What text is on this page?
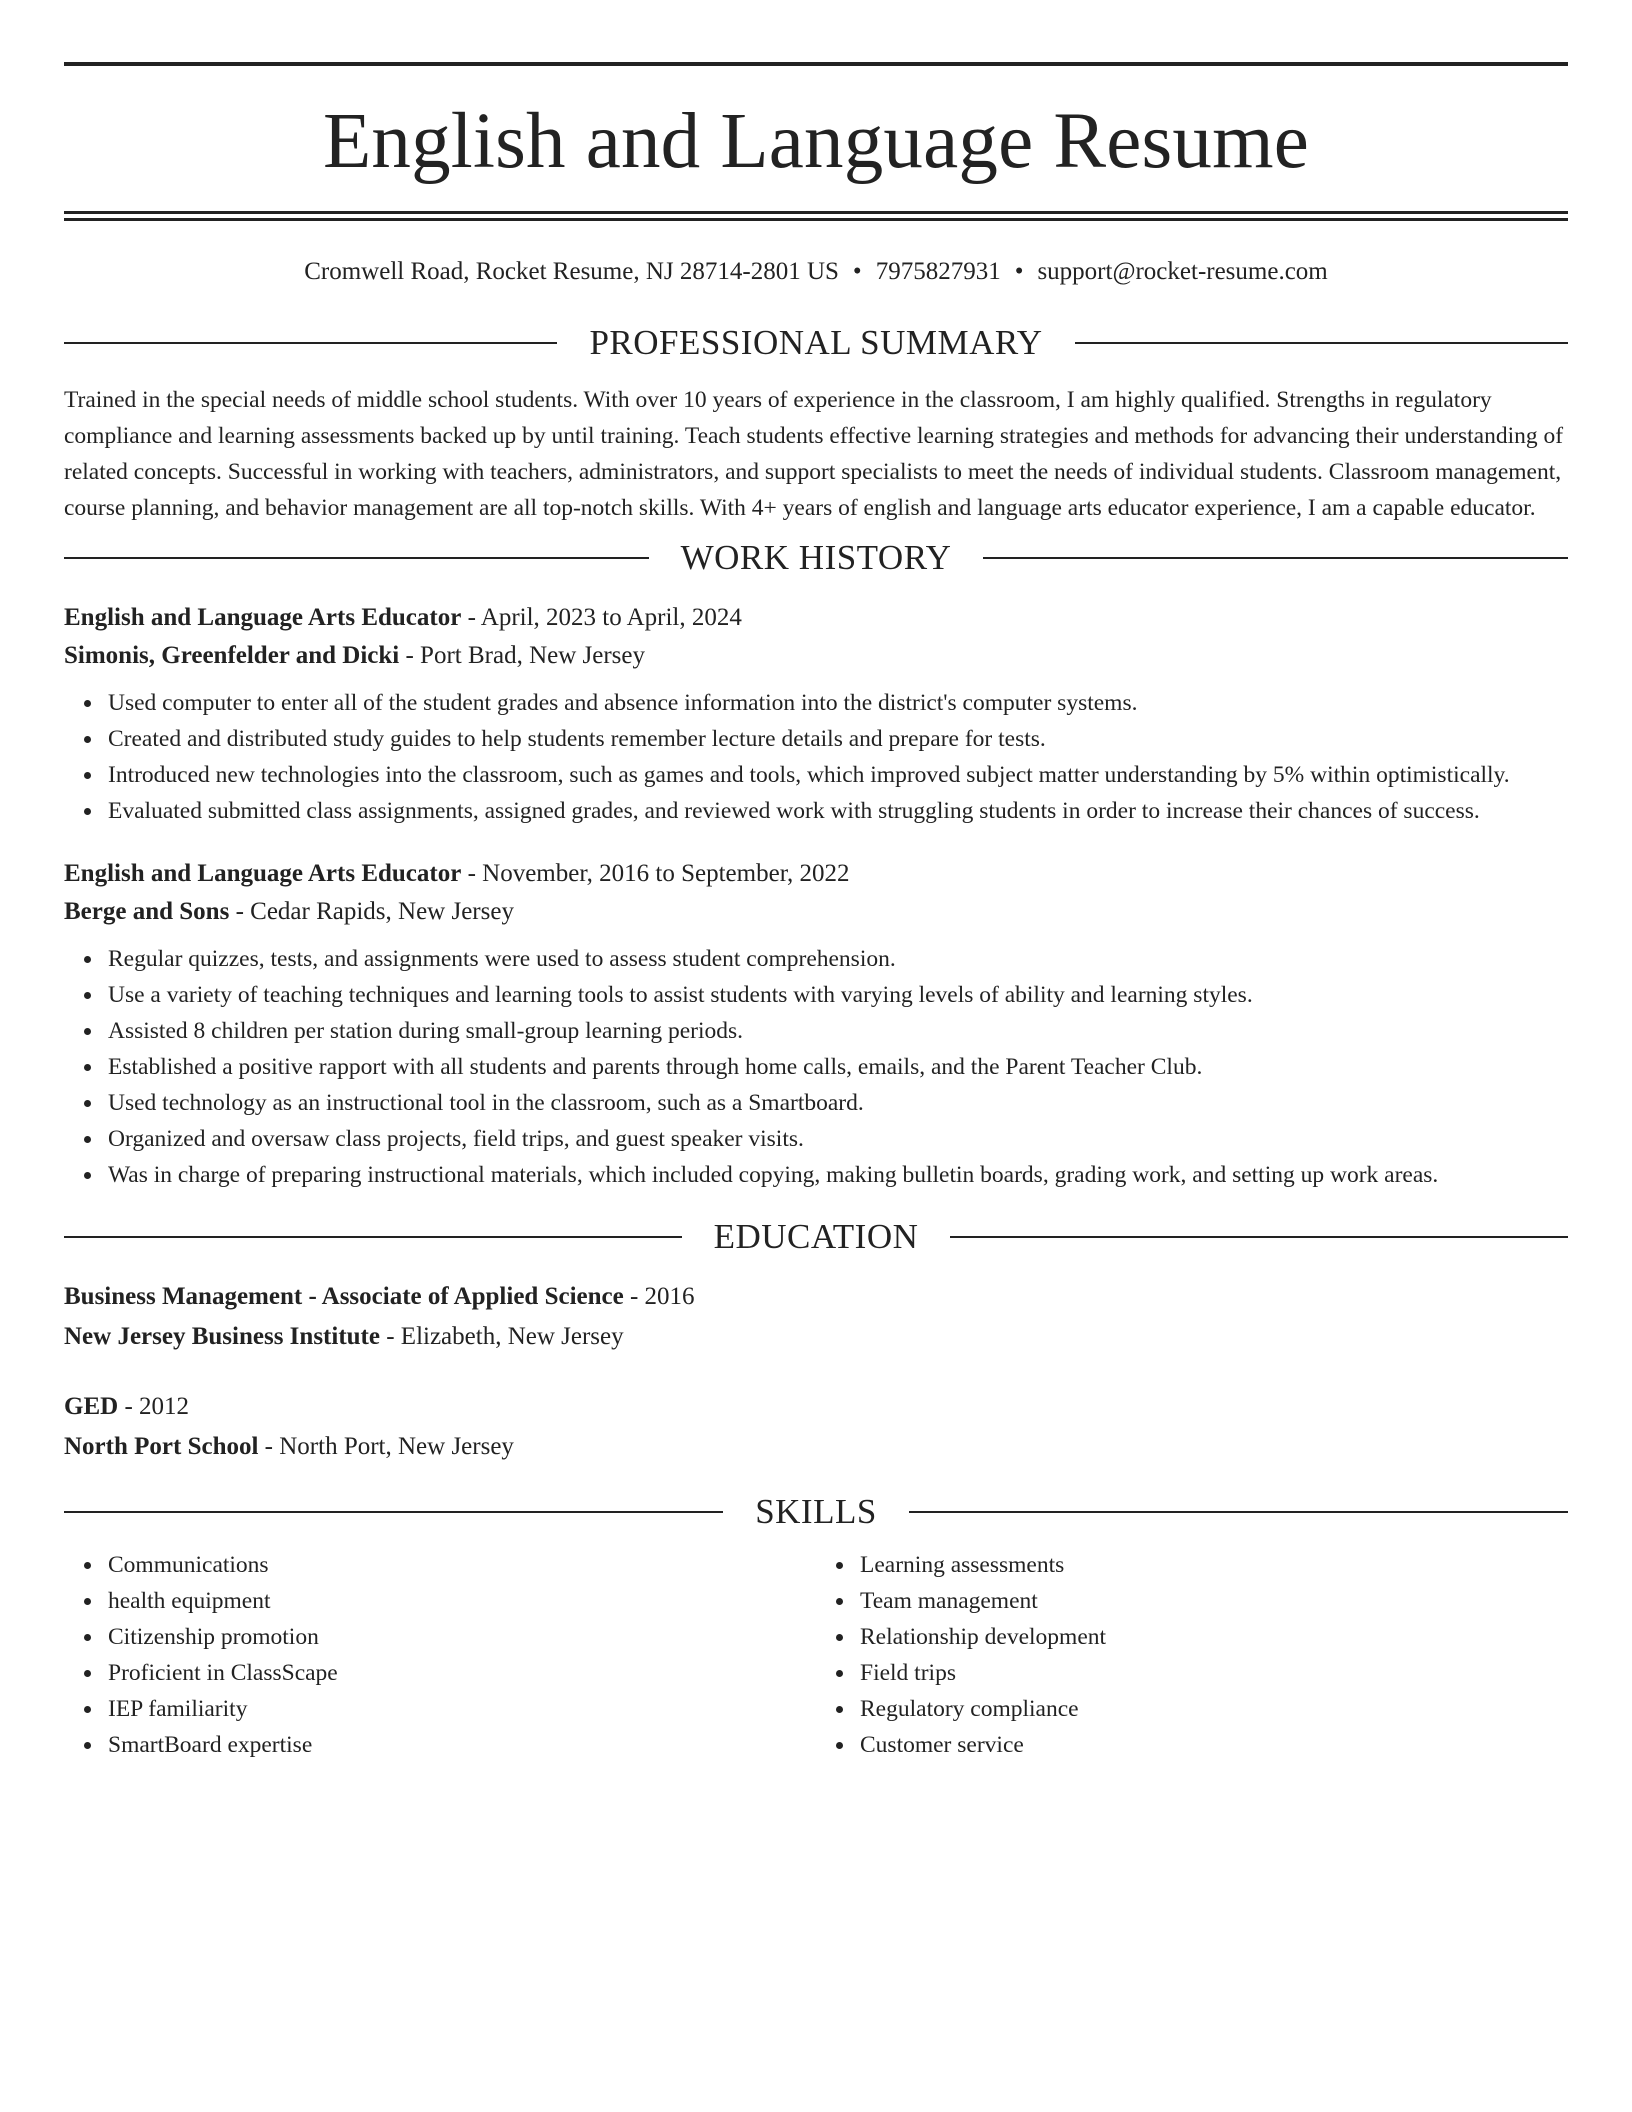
English and Language Resume
Cromwell Road, Rocket Resume, NJ 28714-2801 US • 7975827931 • support@rocket-resume.com
PROFESSIONAL SUMMARY

Trained in the special needs of middle school students. With over 10 years of experience in the classroom, I am highly qualified. Strengths in regulatory compliance and learning assessments backed up by until training. Teach students effective learning strategies and methods for advancing their understanding of related concepts. Successful in working with teachers, administrators, and support specialists to meet the needs of individual students. Classroom management, course planning, and behavior management are all top-notch skills. With 4+ years of english and language arts educator experience, I am a capable educator.

WORK HISTORY
English and Language Arts Educator - April, 2023 to April, 2024
Simonis, Greenfelder and Dicki - Port Brad, New Jersey
Used computer to enter all of the student grades and absence information into the district's computer systems.
Created and distributed study guides to help students remember lecture details and prepare for tests.
Introduced new technologies into the classroom, such as games and tools, which improved subject matter understanding by 5% within optimistically.
Evaluated submitted class assignments, assigned grades, and reviewed work with struggling students in order to increase their chances of success.
English and Language Arts Educator - November, 2016 to September, 2022
Berge and Sons - Cedar Rapids, New Jersey
Regular quizzes, tests, and assignments were used to assess student comprehension.
Use a variety of teaching techniques and learning tools to assist students with varying levels of ability and learning styles.
Assisted 8 children per station during small-group learning periods.
Established a positive rapport with all students and parents through home calls, emails, and the Parent Teacher Club.
Used technology as an instructional tool in the classroom, such as a Smartboard.
Organized and oversaw class projects, field trips, and guest speaker visits.
Was in charge of preparing instructional materials, which included copying, making bulletin boards, grading work, and setting up work areas.
EDUCATION
Business Management - Associate of Applied Science - 2016
New Jersey Business Institute - Elizabeth, New Jersey
GED - 2012
North Port School - North Port, New Jersey
SKILLS
Communications
health equipment
Citizenship promotion
Proficient in ClassScape
IEP familiarity
SmartBoard expertise
Learning assessments
Team management
Relationship development
Field trips
Regulatory compliance
Customer service
